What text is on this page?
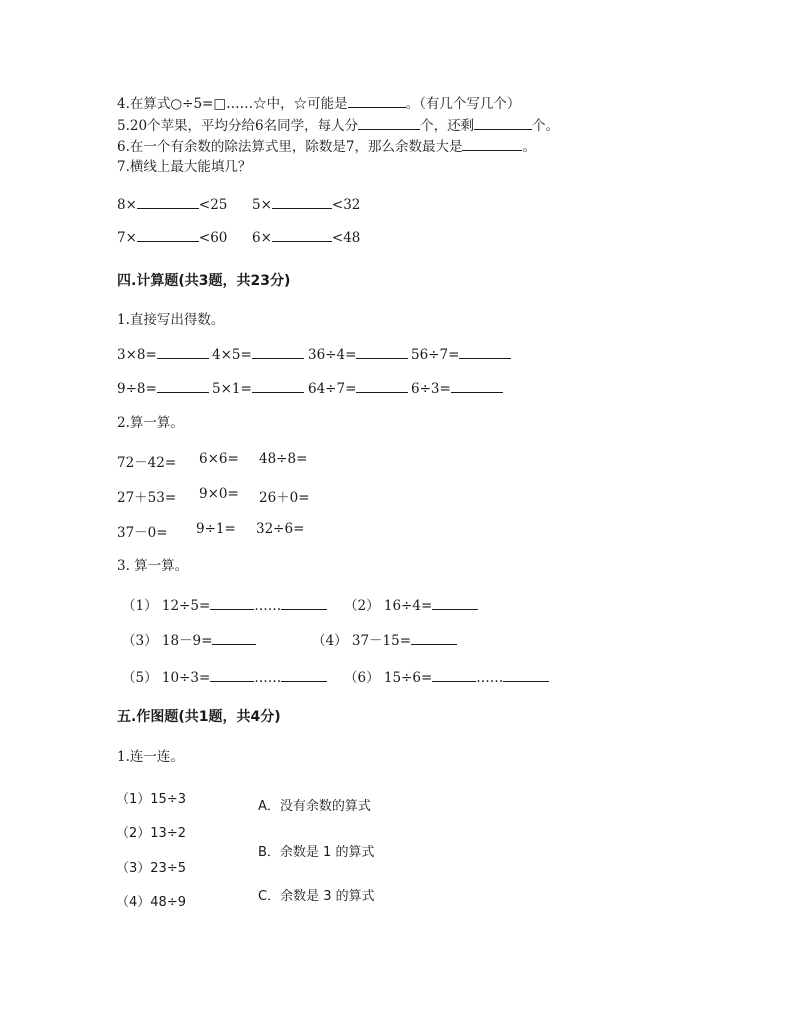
4.在算式○÷5=□……☆中，☆可能是	。（有几个写几个）
5.20个苹果，平均分给6名同学，每人分	个，还剩	个。
6.在一个有余数的除法算式里，除数是7，那么余数最大是	。
7.横线上最大能填几？
8×	<25 5×	<32
7×	<60 6×	<48
四.计算题(共3题，共23分)
1.直接写出得数。
3×8=	4×5=	36÷4=	56÷7=
9÷8=	5×1=	64÷7=	6÷3=
2.算一算。
72－42= 6×6= 48÷8=
27＋53= 9×0= 26＋0=
37－0= 9÷1= 32÷6=
3. 算一算。
（1） 12÷5=	……	（2） 16÷4=
（3） 18－9=	（4） 37－15=
（5） 10÷3=	……	（6） 15÷6=	……
五.作图题(共1题，共4分)
1.连一连。
（1）15÷3
（2）13÷2
（3）23÷5
（4）48÷9
A．没有余数的算式
B．余数是 1 的算式
C．余数是 3 的算式
